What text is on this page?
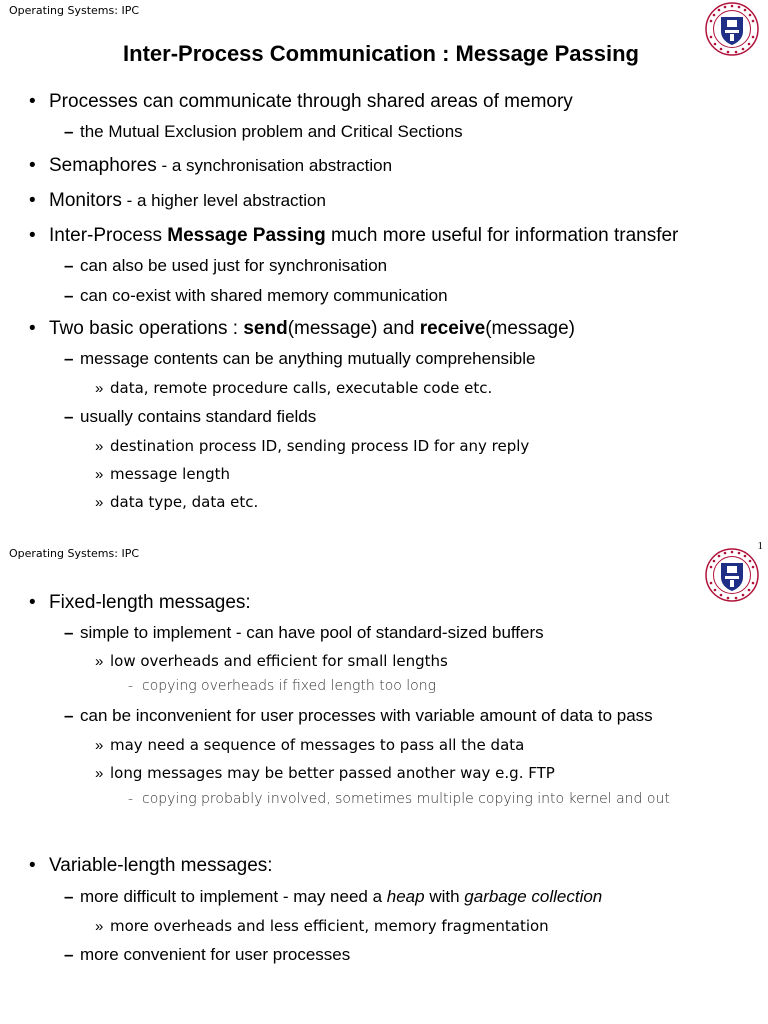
Operating Systems: IPC
Inter-Process Communication : Message Passing
• Processes can communicate through shared areas of memory
– the Mutual Exclusion problem and Critical Sections
• Semaphores - a synchronisation abstraction
• Monitors - a higher level abstraction
• Inter-Process Message Passing much more useful for information transfer
– can also be used just for synchronisation
– can co-exist with shared memory communication
• Two basic operations : send(message) and receive(message)
– message contents can be anything mutually comprehensible
» data, remote procedure calls, executable code etc.
– usually contains standard fields
» destination process ID, sending process ID for any reply
» message length
» data type, data etc.
1
Operating Systems: IPC
• Fixed-length messages:
– simple to implement - can have pool of standard-sized buffers
» low overheads and efficient for small lengths
- copying overheads if fixed length too long
– can be inconvenient for user processes with variable amount of data to pass
» may need a sequence of messages to pass all the data
» long messages may be better passed another way e.g. FTP
- copying probably involved, sometimes multiple copying into kernel and out
• Variable-length messages:
– more difficult to implement - may need a heap with garbage collection
» more overheads and less efficient, memory fragmentation
– more convenient for user processes
